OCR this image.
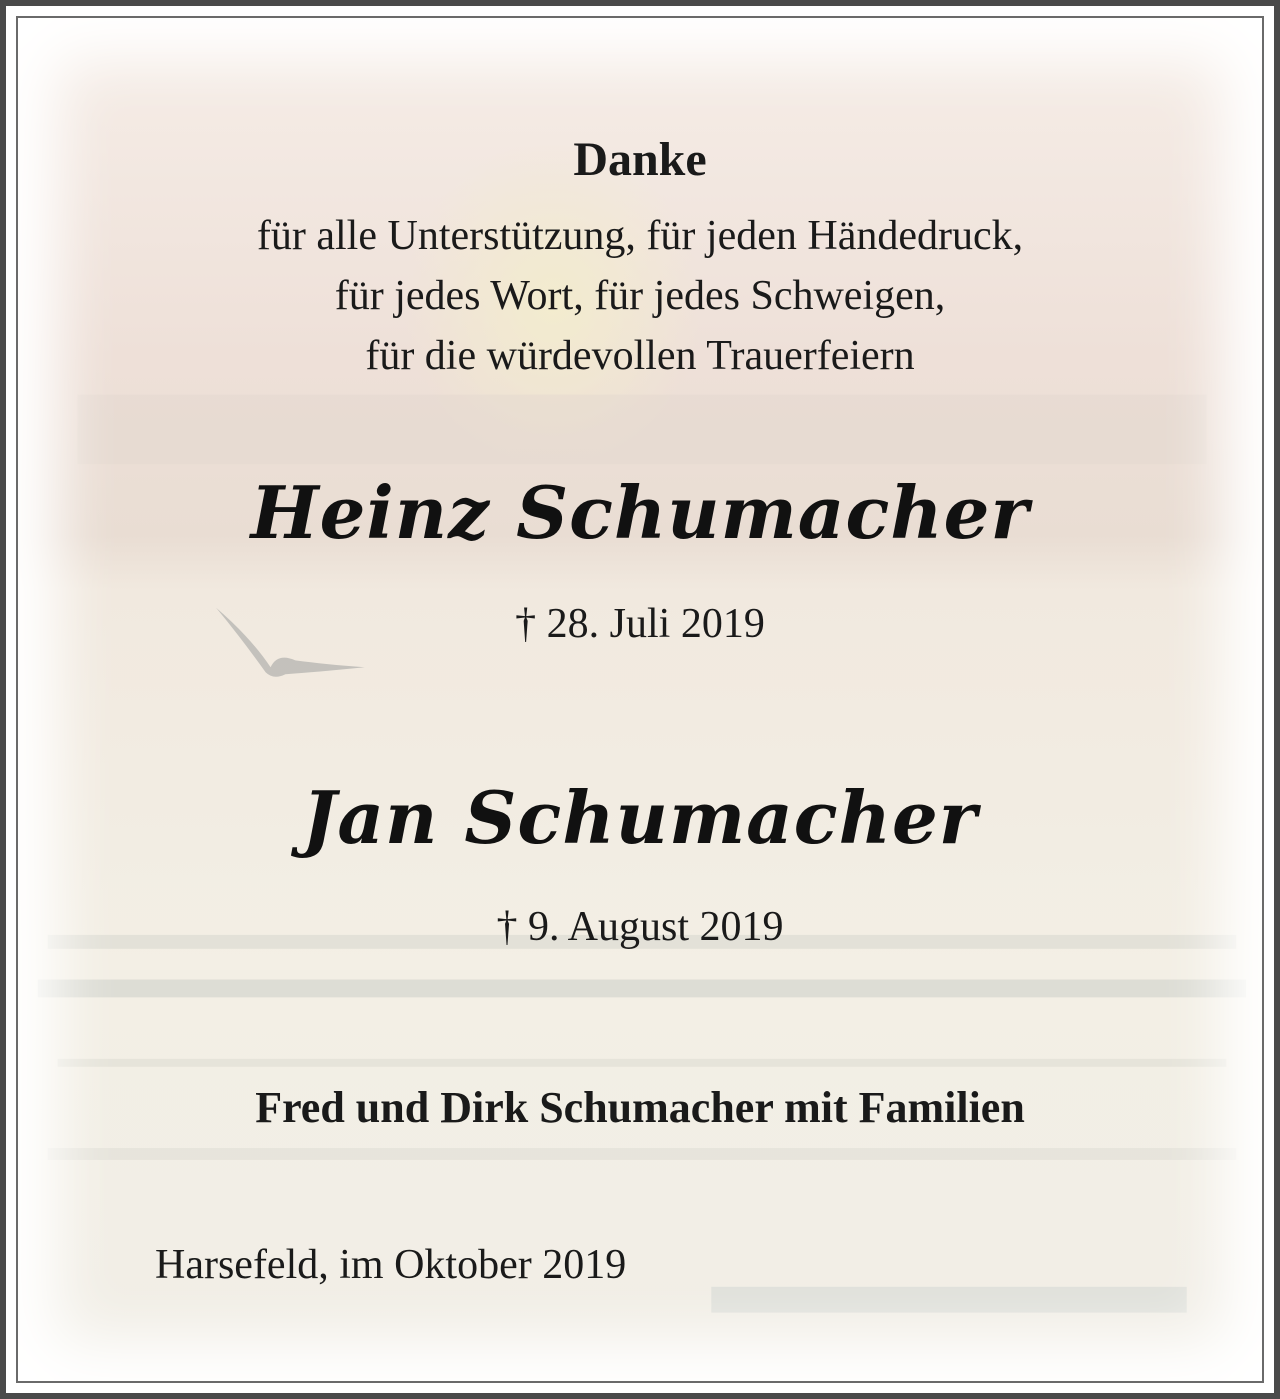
Danke
für alle Unterstützung, für jeden Händedruck,
für jedes Wort, für jedes Schweigen,
für die würdevollen Trauerfeiern
Heinz Schumacher
† 28. Juli 2019
Jan Schumacher
† 9. August 2019
Fred und Dirk Schumacher mit Familien
Harsefeld, im Oktober 2019
